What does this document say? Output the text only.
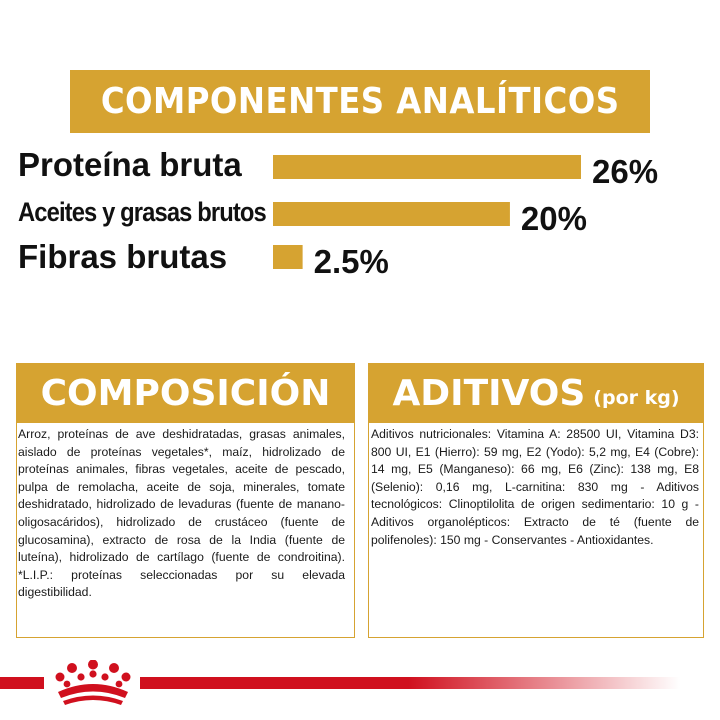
COMPONENTES ANALÍTICOS
Proteína bruta
Aceites y grasas brutos
Fibras brutas
26%
20%
2.5%
COMPOSICIÓN
Arroz, proteínas de ave deshidratadas, grasas animales, aislado de proteínas vegetales*, maíz, hidrolizado de proteínas animales, fibras vegetales, aceite de pescado, pulpa de remolacha, aceite de soja, minerales, tomate deshidratado, hidrolizado de levaduras (fuente de manano-oligosacáridos), hidrolizado de crustáceo (fuente de glucosamina), extracto de rosa de la India (fuente de luteína), hidrolizado de cartílago (fuente de condroitina). *L.I.P.: proteínas seleccionadas por su elevada digestibilidad.
ADITIVOS (por kg)
Aditivos nutricionales: Vitamina A: 28500 UI, Vitamina D3: 800 UI, E1 (Hierro): 59 mg, E2 (Yodo): 5,2 mg, E4 (Cobre): 14 mg, E5 (Manganeso): 66 mg, E6 (Zinc): 138 mg, E8 (Selenio): 0,16 mg, L-carnitina: 830 mg - Aditivos tecnológicos: Clinoptilolita de origen sedimentario: 10 g - Aditivos organolépticos: Extracto de té (fuente de polifenoles): 150 mg - Conservantes - Antioxidantes.
